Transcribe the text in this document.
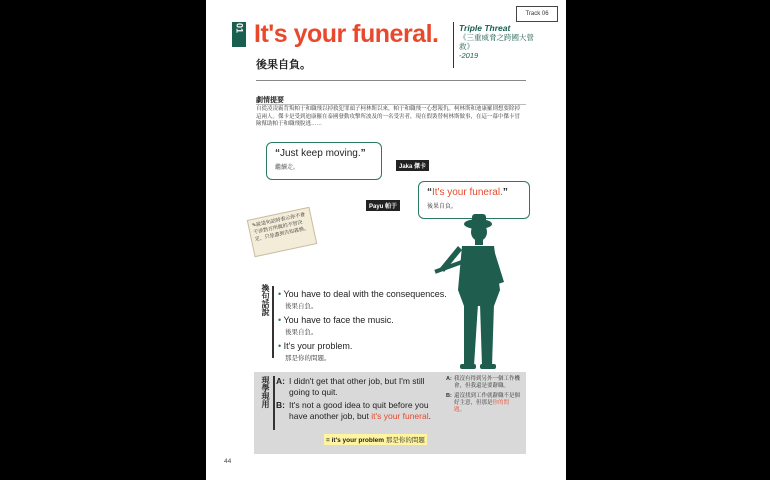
Track 06
01 It's your funeral.
後果自負。
Triple Threat
《三重威脅之跨國大營救》
-2019
劇情提要
自從凌凌霸背叛帕于和職飛以掉救犯罪頭子柯林斯以來，帕于和職飛一心想報仇。柯林斯和迪康羅則想要除掉這兩人。傑卡是受到迪康羅在泰國發動攻擊所波及的一名受害者，現在假裝替柯林斯做事，在這一幕中傑卡冒險幫助帕于和職飛脫逃……
“Just keep moving.”
繼續走。	Jaka 傑卡
“It's your funeral.”
後果自負。
Payu 帕于
✎說這句話時表示你不會干涉對方所做的不智決定，只是盡到告知義務。
換句話說
•	You have to deal with the consequences.
後果自負。
• You have to face the music.
後果自負。
• It's your problem.
那是你的問題。
現學現用 A: I didn't get that other job, but I'm still going to quit.
B: It's not a good idea to quit before you have another job, but it's your funeral.
= it's your problem 那是你的問題
A: 我沒有得到另外一個工作機會，但我還是要辭職。
B: 還沒找到工作就辭職不是個好主意，但那是你的問題。
44
